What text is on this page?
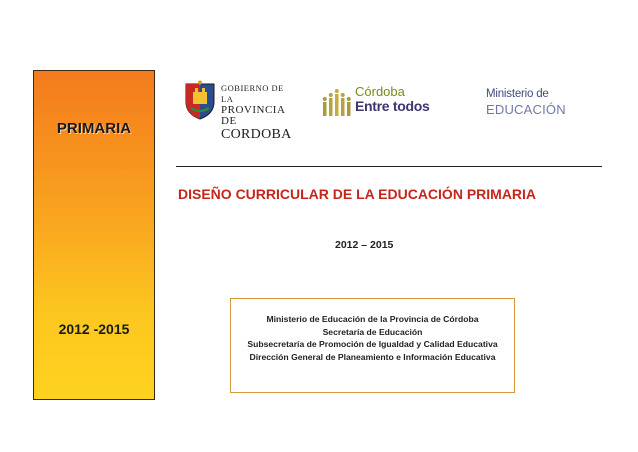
PRIMARIA
2012 -2015
GOBIERNO DE LA
PROVINCIA DE
CORDOBA
Córdoba
Entre todos
Ministerio de
EDUCACIÓN
DISEÑO CURRICULAR DE LA EDUCACIÓN PRIMARIA
2012 – 2015
Ministerio de Educación de la Provincia de Córdoba
Secretaría de Educación
Subsecretaría de Promoción de Igualdad y Calidad Educativa
Dirección General de Planeamiento e Información Educativa
